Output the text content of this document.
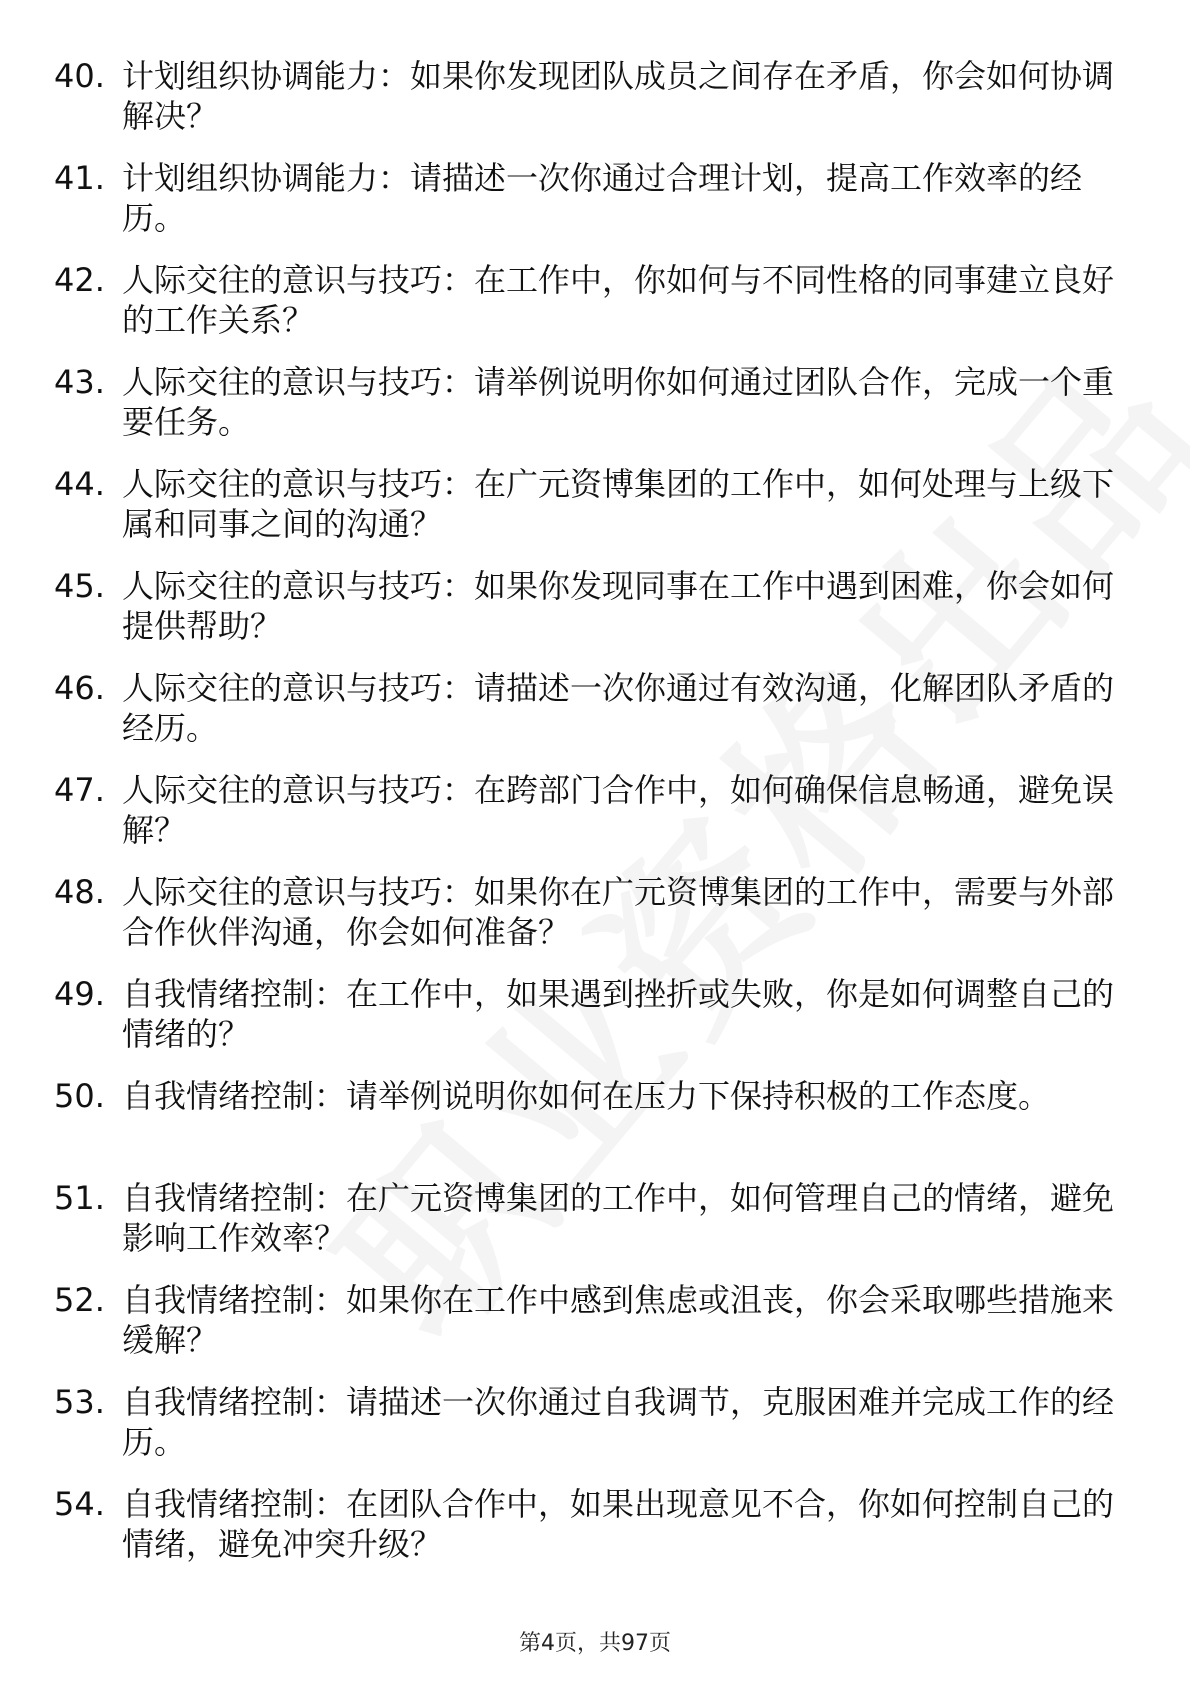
40. 计划组织协调能力：如果你发现团队成员之间存在矛盾，你会如何协调解决？
41. 计划组织协调能力：请描述一次你通过合理计划，提高工作效率的经历。
42. 人际交往的意识与技巧：在工作中，你如何与不同性格的同事建立良好的工作关系？
43. 人际交往的意识与技巧：请举例说明你如何通过团队合作，完成一个重要任务。
44. 人际交往的意识与技巧：在广元资博集团的工作中，如何处理与上级下属和同事之间的沟通？
45. 人际交往的意识与技巧：如果你发现同事在工作中遇到困难，你会如何提供帮助？
46. 人际交往的意识与技巧：请描述一次你通过有效沟通，化解团队矛盾的经历。
47. 人际交往的意识与技巧：在跨部门合作中，如何确保信息畅通，避免误解？
48. 人际交往的意识与技巧：如果你在广元资博集团的工作中，需要与外部合作伙伴沟通，你会如何准备？
49. 自我情绪控制：在工作中，如果遇到挫折或失败，你是如何调整自己的情绪的？
50. 自我情绪控制：请举例说明你如何在压力下保持积极的工作态度。
51. 自我情绪控制：在广元资博集团的工作中，如何管理自己的情绪，避免影响工作效率？
52. 自我情绪控制：如果你在工作中感到焦虑或沮丧，你会采取哪些措施来缓解？
53. 自我情绪控制：请描述一次你通过自我调节，克服困难并完成工作的经历。
54. 自我情绪控制：在团队合作中，如果出现意见不合，你如何控制自己的情绪，避免冲突升级？
第4页，共97页
